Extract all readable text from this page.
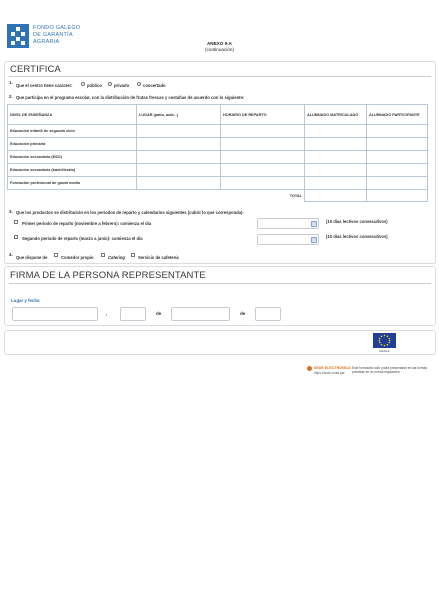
FONDO GALEGO
DE GARANTÍA
AGRARIA	ANEXO II-A
(continuación)
CERTIFICA
1.
Que el centro tiene carácter:	público	privado	concertado
2. Que participa en el programa escolar, con la distribución de frutas frescas y cestañas de acuerdo con lo siguiente:
NIVEL DE ENSEÑANZA	LUGAR (patio, aula...)	HORARIO DE REPARTO	ALUMNADO MATRICULADO	ALUMNADO PARTICIPANTE
Educación infantil de segundo ciclo				
Educación primaria				
Educación secundaria (ESO)				
Educación secundaria (bachillerato)				
Formación profesional de grado medio				
TOTAL				
3. Que los productos se distribuirán en los periodos de reparto y calendarios siguientes (cubrir lo que corresponda):
Primer periodo de reparto (noviembre a febrero): comienza el día	(10 días lectivos consecutivos)
Segundo periodo de reparto (marzo a junio): comienza el día	(10 días lectivos consecutivos)
4.
Que dispone de	Comedor propio	Catering	Servicio de cafetería
FIRMA DE LA PERSONA REPRESENTANTE
Lugar y fecha
,	de	de
FEAGA
SEDE ELECTRÓNICA
https://sede.xunta.gal
Este formulario sólo podrá presentarse en las formas previstas en su norma reguladora
